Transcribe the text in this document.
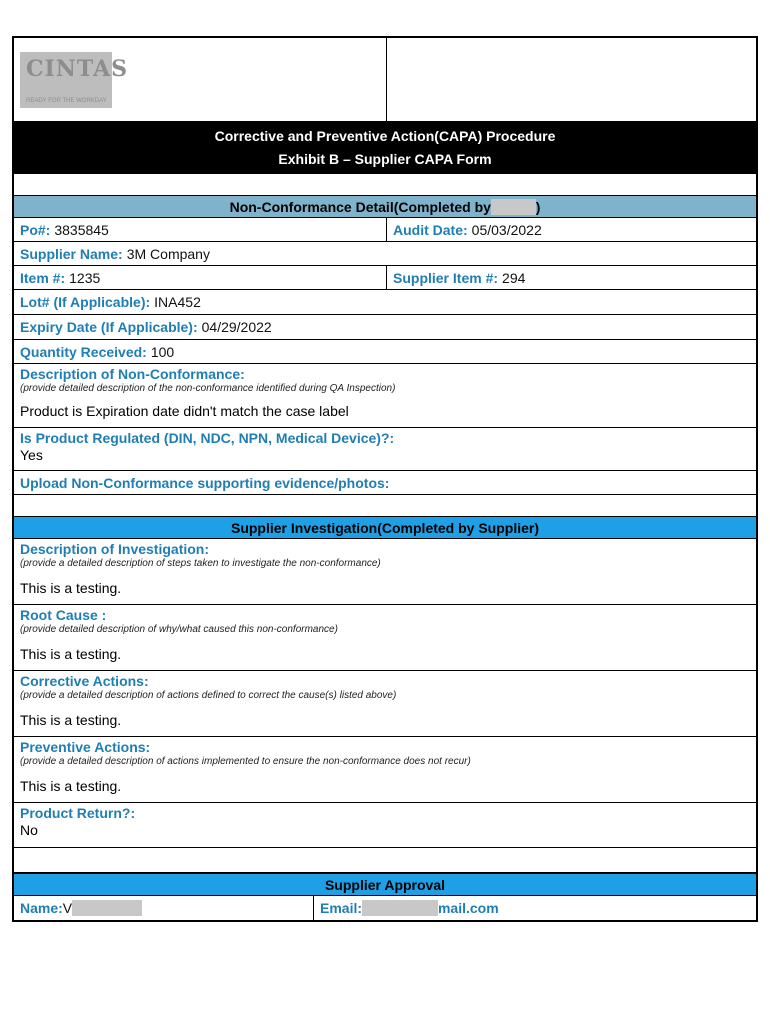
CINTAS
READY FOR THE WORKDAY
Corrective and Preventive Action(CAPA) Procedure
Exhibit B – Supplier CAPA Form
Non-Conformance Detail(Completed by Cintas )
Po#: 3835845	Audit Date: 05/03/2022
Supplier Name: 3M Company
Item #: 1235	Supplier Item #: 294
Lot# (If Applicable): INA452
Expiry Date (If Applicable): 04/29/2022
Quantity Received: 100
Description of Non-Conformance:
(provide detailed description of the non-conformance identified during QA Inspection)
Product is Expiration date didn't match the case label
Is Product Regulated (DIN, NDC, NPN, Medical Device)?:
Yes
Upload Non-Conformance supporting evidence/photos:
Supplier Investigation(Completed by Supplier)
Description of Investigation:
(provide a detailed description of steps taken to investigate the non-conformance)
This is a testing.
Root Cause :
(provide detailed description of why/what caused this non-conformance)
This is a testing.
Corrective Actions:
(provide a detailed description of actions defined to correct the cause(s) listed above)
This is a testing.
Preventive Actions:
(provide a detailed description of actions implemented to ensure the non-conformance does not recur)
This is a testing.
Product Return?:
No
Supplier Approval
Name: V ipul Darker	Email: vipulity2000 mail.com
